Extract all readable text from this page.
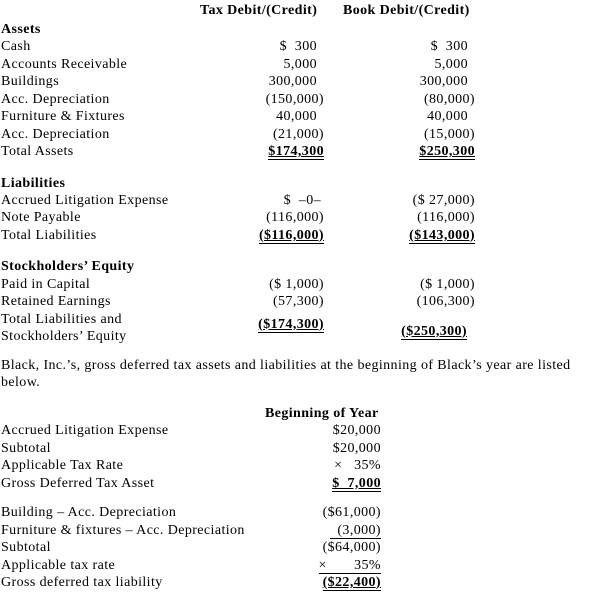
Tax Debit/(Credit) Book Debit/(Credit)
Assets
Cash	$  300	$  300
Accounts Receivable	5,000	5,000
Buildings	300,000	300,000
Acc. Depreciation	(150,000)	(80,000)
Furniture & Fixtures	40,000	40,000
Acc. Depreciation	(21,000)	(15,000)
Total Assets	$174,300	$250,300
Liabilities
Accrued Litigation Expense	$  –0–	($ 27,000)
Note Payable	(116,000)	(116,000)
Total Liabilities	($116,000)	($143,000)
Stockholders’ Equity
Paid in Capital	($ 1,000)	($ 1,000)
Retained Earnings	(57,300)	(106,300)
Total Liabilities and
Stockholders’ Equity
($174,300)	($250,300)
Black, Inc.’s, gross deferred tax assets and liabilities at the beginning of Black’s year are listed
below.
Beginning of Year
Accrued Litigation Expense	$20,000
Subtotal	$20,000
Applicable Tax Rate	×   35%
Gross Deferred Tax Asset	$  7,000
Building – Acc. Depreciation	($61,000)
Furniture & fixtures – Acc. Depreciation	(3,000)
Subtotal	($64,000)
Applicable tax rate	×       35%
Gross deferred tax liability	($22,400)
